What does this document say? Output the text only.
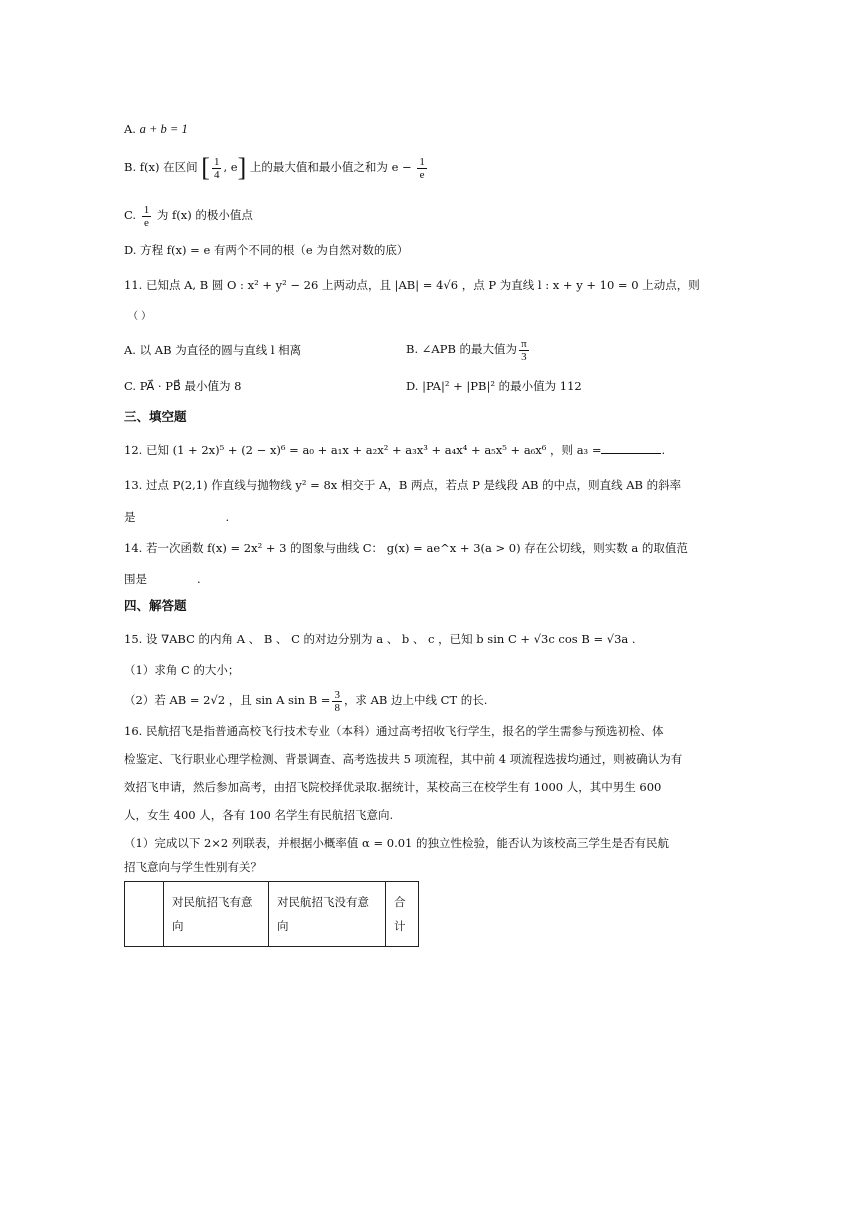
A. a + b = 1
B. f(x) 在区间 [ $\frac{1}{4}$ , e] 上的最大值和最小值之和为 $e - \frac{1}{e}$
C. $\frac{1}{e}$ 为 f(x) 的极小值点
D. 方程 f(x) = e 有两个不同的根（e 为自然对数的底）
11. 已知点 A, B 圆 O : x² + y² − 26 上两动点，且 |AB| = 4√6 ，点 P 为直线 l : x + y + 10 = 0 上动点，则
（ ）
A. 以 AB 为直径的圆与直线 l 相离	B. ∠APB 的最大值为 $\frac{\pi}{3}$
C. PA⃗ · PB⃗ 最小值为 8	D. |PA|² + |PB|² 的最小值为 112
三、填空题
12. 已知 (1 + 2x)⁵ + (2 − x)⁶ = a₀ + a₁x + a₂x² + a₃x³ + a₄x⁴ + a₅x⁵ + a₆x⁶ ，则 a₃ =	.
13. 过点 P(2,1) 作直线与抛物线 y² = 8x 相交于 A，B 两点，若点 P 是线段 AB 的中点，则直线 AB 的斜率
是	.
14. 若一次函数 f(x) = 2x² + 3 的图象与曲线 C： g(x) = ae^x + 3(a > 0) 存在公切线，则实数 a 的取值范
围是	.
四、解答题
15. 设 ∇ABC 的内角 A 、 B 、 C 的对边分别为 a 、 b 、 c ，已知 b sin C + √3c cos B = √3a .
（1）求角 C 的大小；
（2）若 AB = 2√2 ，且 sin A $\sin B = \frac{3}{8}$ ，求 AB 边上中线 CT 的长.
16. 民航招飞是指普通高校飞行技术专业（本科）通过高考招收飞行学生，报名的学生需参与预选初检、体
检鉴定、飞行职业心理学检测、背景调查、高考选拔共 5 项流程，其中前 4 项流程选拔均通过，则被确认为有
效招飞申请，然后参加高考，由招飞院校择优录取.据统计，某校高三在校学生有 1000 人，其中男生 600
人，女生 400 人，各有 100 名学生有民航招飞意向.
（1）完成以下 2×2 列联表，并根据小概率值 α = 0.01 的独立性检验，能否认为该校高三学生是否有民航
招飞意向与学生性别有关？
	对民航招飞有意向	对民航招飞没有意向	合计
